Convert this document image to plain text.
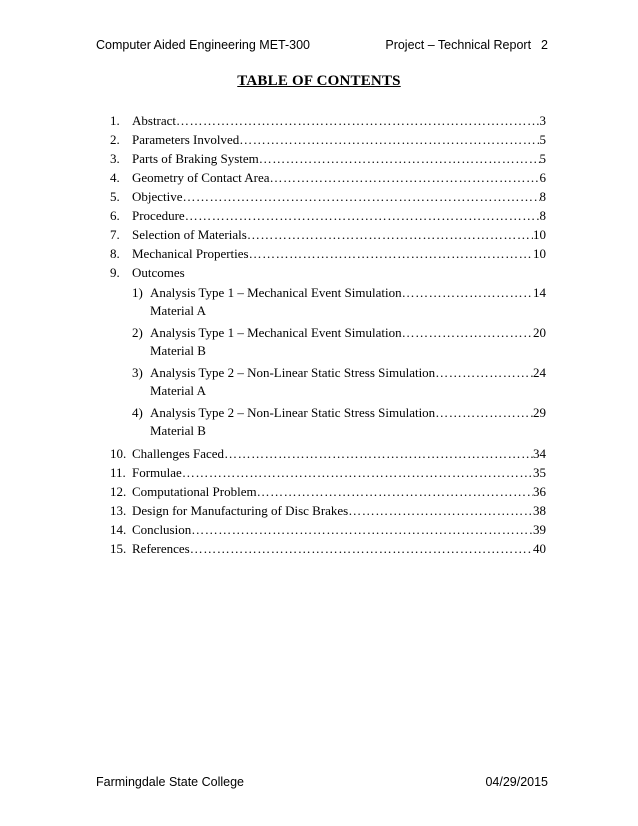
Computer Aided Engineering MET-300	Project – Technical Report 2
TABLE OF CONTENTS
1. Abstract ……………………………………………………………………………………………………………………………………………………………	3
2. Parameters Involved ……………………………………………………………………………………………………………………………………………………………	5
3. Parts of Braking System ……………………………………………………………………………………………………………………………………………………………	5
4. Geometry of Contact Area ……………………………………………………………………………………………………………………………………………………………	6
5. Objective ……………………………………………………………………………………………………………………………………………………………	8
6. Procedure ……………………………………………………………………………………………………………………………………………………………	8
7. Selection of Materials ……………………………………………………………………………………………………………………………………………………………	10
8. Mechanical Properties ……………………………………………………………………………………………………………………………………………………………	10
9. Outcomes
1) Analysis Type 1 – Mechanical Event Simulation ……………………………………………………………………………………………………………………………………………………………	14
Material A
2) Analysis Type 1 – Mechanical Event Simulation ……………………………………………………………………………………………………………………………………………………………	20
Material B
3) Analysis Type 2 – Non-Linear Static Stress Simulation ……………………………………………………………………………………………………………………………………………………………	24
Material A
4) Analysis Type 2 – Non-Linear Static Stress Simulation ……………………………………………………………………………………………………………………………………………………………	29
Material B
10. Challenges Faced ……………………………………………………………………………………………………………………………………………………………	34
11. Formulae ……………………………………………………………………………………………………………………………………………………………	35
12. Computational Problem ……………………………………………………………………………………………………………………………………………………………	36
13. Design for Manufacturing of Disc Brakes ……………………………………………………………………………………………………………………………………………………………	38
14. Conclusion ……………………………………………………………………………………………………………………………………………………………	39
15. References ……………………………………………………………………………………………………………………………………………………………	40
Farmingdale State College	04/29/2015
